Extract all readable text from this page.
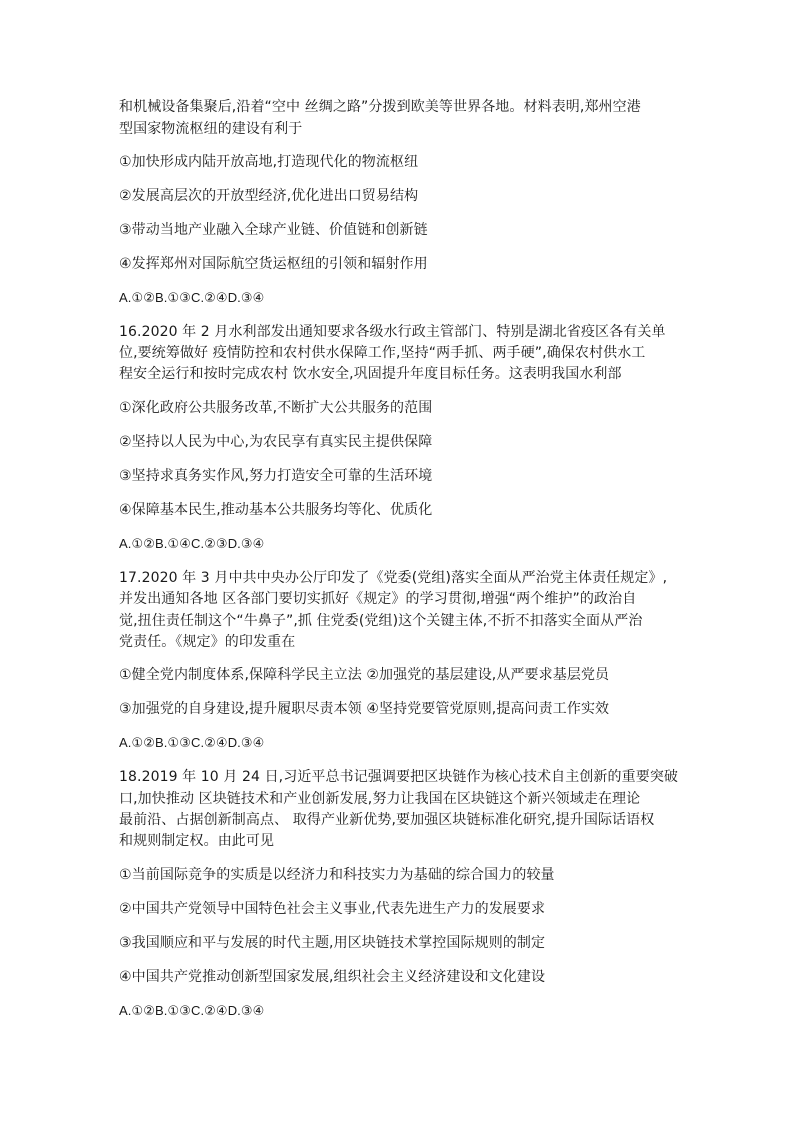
和机械设备集聚后,沿着“空中 丝绸之路”分拨到欧美等世界各地。材料表明,郑州空港
型国家物流枢纽的建设有利于
①加快形成内陆开放高地,打造现代化的物流枢纽
②发展高层次的开放型经济,优化进出口贸易结构
③带动当地产业融入全球产业链、价值链和创新链
④发挥郑州对国际航空货运枢纽的引领和辐射作用
A.①②B.①③C.②④D.③④
16.2020 年 2 月水利部发出通知要求各级水行政主管部门、特别是湖北省疫区各有关单
位,要统筹做好 疫情防控和农村供水保障工作,坚持“两手抓、两手硬”,确保农村供水工
程安全运行和按时完成农村 饮水安全,巩固提升年度目标任务。这表明我国水利部
①深化政府公共服务改革,不断扩大公共服务的范围
②坚持以人民为中心,为农民享有真实民主提供保障
③坚持求真务实作风,努力打造安全可靠的生活环境
④保障基本民生,推动基本公共服务均等化、优质化
A.①②B.①④C.②③D.③④
17.2020 年 3 月中共中央办公厅印发了《党委(党组)落实全面从严治党主体责任规定》,
并发出通知各地 区各部门要切实抓好《规定》的学习贯彻,增强“两个维护”的政治自
觉,扭住责任制这个“牛鼻子”,抓 住党委(党组)这个关键主体,不折不扣落实全面从严治
党责任。《规定》的印发重在
①健全党内制度体系,保障科学民主立法 ②加强党的基层建设,从严要求基层党员
③加强党的自身建设,提升履职尽责本领 ④坚持党要管党原则,提高问责工作实效
A.①②B.①③C.②④D.③④
18.2019 年 10 月 24 日,习近平总书记强调要把区块链作为核心技术自主创新的重要突破
口,加快推动 区块链技术和产业创新发展,努力让我国在区块链这个新兴领域走在理论
最前沿、占据创新制高点、 取得产业新优势,要加强区块链标准化研究,提升国际话语权
和规则制定权。由此可见
①当前国际竞争的实质是以经济力和科技实力为基础的综合国力的较量
②中国共产党领导中国特色社会主义事业,代表先进生产力的发展要求
③我国顺应和平与发展的时代主题,用区块链技术掌控国际规则的制定
④中国共产党推动创新型国家发展,组织社会主义经济建设和文化建设
A.①②B.①③C.②④D.③④
